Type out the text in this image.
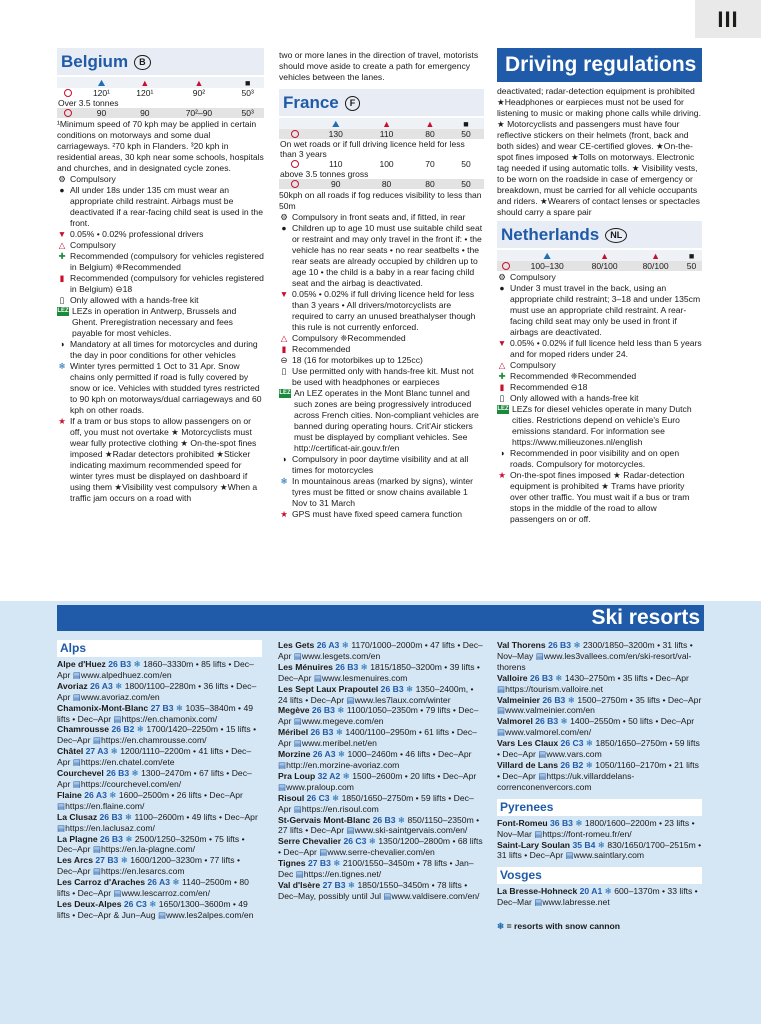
III
Belgium	B
	⛰	▲	▲	■
	120¹	120¹	90²	50³
Over 3.5 tonnes				
	90	90	70²–90	50³

¹Minimum speed of 70 kph may be applied in certain conditions on motorways and some dual carriageways. ²70 kph in Flanders. ³20 kph in residential areas, 30 kph near some schools, hospitals and churches, and in designated cycle zones.

⚙ Compulsory
● All under 18s under 135 cm must wear an appropriate child restraint. Airbags must be deactivated if a rear-facing child seat is used in the front.
▼ 0.05% • 0.02% professional drivers
△ Compulsory
✚ Recommended (compulsory for vehicles registered in Belgium) ❈Recommended
▮ Recommended (compulsory for vehicles registered in Belgium) ⊖18
▯ Only allowed with a hands-free kit
LEZ LEZs in operation in Antwerp, Brussels and Ghent. Preregistration necessary and fees payable for most vehicles.
◑ Mandatory at all times for motorcycles and during the day in poor conditions for other vehicles
❄ Winter tyres permitted 1 Oct to 31 Apr. Snow chains only permitted if road is fully covered by snow or ice. Vehicles with studded tyres restricted to 90 kph on motorways/dual carriageways and 60 kph on other roads.
★ If a tram or bus stops to allow passengers on or off, you must not overtake ★ Motorcyclists must wear fully protective clothing ★ On-the-spot fines imposed ★Radar detectors prohibited ★Sticker indicating maximum recommended speed for winter tyres must be displayed on dashboard if using them ★Visibility vest compulsory ★When a traffic jam occurs on a road with

two or more lanes in the direction of travel, motorists should move aside to create a path for emergency vehicles between the lanes.

France	F
	⛰	▲	▲	■
	130	110	80	50
On wet roads or if full driving licence held for less than 3 years				
	110	100	70	50
above 3.5 tonnes gross				
	90	80	80	50

50kph on all roads if fog reduces visibility to less than 50m

⚙ Compulsory in front seats and, if fitted, in rear
● Children up to age 10 must use suitable child seat or restraint and may only travel in the front if: • the vehicle has no rear seats • no rear seatbelts • the rear seats are already occupied by children up to age 10 • the child is a baby in a rear facing child seat and the airbag is deactivated.
▼ 0.05% • 0.02% if full driving licence held for less than 3 years • All drivers/motorcyclists are required to carry an unused breathalyser though this rule is not currently enforced.
△ Compulsory ❈Recommended
▮ Recommended
⊖ 18 (16 for motorbikes up to 125cc)
▯ Use permitted only with hands-free kit. Must not be used with headphones or earpieces
LEZ An LEZ operates in the Mont Blanc tunnel and such zones are being progressively introduced across French cities. Non-compliant vehicles are banned during operating hours. Crit'Air stickers must be displayed by compliant vehicles. See http://certificat-air.gouv.fr/en
◑ Compulsory in poor daytime visibility and at all times for motorcycles
❄ In mountainous areas (marked by signs), winter tyres must be fitted or snow chains available 1 Nov to 31 March
★ GPS must have fixed speed camera function
Driving regulations

deactivated; radar-detection equipment is prohibited ★Headphones or earpieces must not be used for listening to music or making phone calls while driving. ★ Motorcyclists and passengers must have four reflective stickers on their helmets (front, back and both sides) and wear CE-certified gloves. ★On-the-spot fines imposed ★Tolls on motorways. Electronic tag needed if using automatic tolls. ★ Visibility vests, to be worn on the roadside in case of emergency or breakdown, must be carried for all vehicle occupants and riders. ★Wearers of contact lenses or spectacles should carry a spare pair

Netherlands	NL
	⛰	▲	▲	■
	100–130	80/100	80/100	50
⚙ Compulsory
● Under 3 must travel in the back, using an appropriate child restraint; 3–18 and under 135cm must use an appropriate child restraint. A rear-facing child seat may only be used in front if airbags are deactivated.
▼ 0.05% • 0.02% if full licence held less than 5 years and for moped riders under 24.
△ Compulsory
✚ Recommended ❈Recommended
▮ Recommended ⊖18
▯ Only allowed with a hands-free kit
LEZ LEZs for diesel vehicles operate in many Dutch cities. Restrictions depend on vehicle's Euro emissions standard. For information see https://www.milieuzones.nl/english
◑ Recommended in poor visibility and on open roads. Compulsory for motorcycles.
★ On-the-spot fines imposed ★ Radar-detection equipment is prohibited ★ Trams have priority over other traffic. You must wait if a bus or tram stops in the middle of the road to allow passengers on or off.
Ski resorts
Alps

Alpe d'Huez 26 B3 ❄ 1860–3330m • 85 lifts • Dec–Apr ▤www.alpedhuez.com/en

Avoriaz 26 A3 ❄ 1800/1100–2280m • 36 lifts • Dec–Apr ▤www.avoriaz.com/en

Chamonix-Mont-Blanc 27 B3 ❄ 1035–3840m • 49 lifts • Dec–Apr ▤https://en.chamonix.com/

Chamrousse 26 B2 ❄ 1700/1420–2250m • 15 lifts • Dec–Apr ▤https://en.chamrousse.com/

Châtel 27 A3 ❄ 1200/1110–2200m • 41 lifts • Dec–Apr ▤https://en.chatel.com/ete

Courchevel 26 B3 ❄ 1300–2470m • 67 lifts • Dec–Apr ▤https://courchevel.com/en/

Flaine 26 A3 ❄ 1600–2500m • 26 lifts • Dec–Apr ▤https://en.flaine.com/

La Clusaz 26 B3 ❄ 1100–2600m • 49 lifts • Dec–Apr ▤https://en.laclusaz.com/

La Plagne 26 B3 ❄ 2500/1250–3250m • 75 lifts • Dec–Apr ▤https://en.la-plagne.com/

Les Arcs 27 B3 ❄ 1600/1200–3230m • 77 lifts • Dec–Apr ▤https://en.lesarcs.com

Les Carroz d'Araches 26 A3 ❄ 1140–2500m • 80 lifts • Dec–Apr ▤www.lescarroz.com/en/

Les Deux-Alpes 26 C3 ❄ 1650/1300–3600m • 49 lifts • Dec–Apr & Jun–Aug ▤www.les2alpes.com/en

Les Gets 26 A3 ❄ 1170/1000–2000m • 47 lifts • Dec–Apr ▤www.lesgets.com/en

Les Ménuires 26 B3 ❄ 1815/1850–3200m • 39 lifts • Dec–Apr ▤www.lesmenuires.com

Les Sept Laux Prapoutel 26 B3 ❄ 1350–2400m, • 24 lifts • Dec–Apr ▤www.les7laux.com/winter

Megève 26 B3 ❄ 1100/1050–2350m • 79 lifts • Dec–Apr ▤www.megeve.com/en

Méribel 26 B3 ❄ 1400/1100–2950m • 61 lifts • Dec–Apr ▤www.meribel.net/en

Morzine 26 A3 ❄ 1000–2460m • 46 lifts • Dec–Apr ▤http://en.morzine-avoriaz.com

Pra Loup 32 A2 ❄ 1500–2600m • 20 lifts • Dec–Apr ▤www.praloup.com

Risoul 26 C3 ❄ 1850/1650–2750m • 59 lifts • Dec–Apr ▤https://en.risoul.com

St-Gervais Mont-Blanc 26 B3 ❄ 850/1150–2350m • 27 lifts • Dec–Apr ▤www.ski-saintgervais.com/en/

Serre Chevalier 26 C3 ❄ 1350/1200–2800m • 68 lifts • Dec–Apr ▤www.serre-chevalier.com/en

Tignes 27 B3 ❄ 2100/1550–3450m • 78 lifts • Jan–Dec ▤https://en.tignes.net/

Val d'Isère 27 B3 ❄ 1850/1550–3450m • 78 lifts • Dec–May, possibly until Jul ▤www.valdisere.com/en/

Val Thorens 26 B3 ❄ 2300/1850–3200m • 31 lifts • Nov–May ▤www.les3vallees.com/en/ski-resort/val-thorens

Valloire 26 B3 ❄ 1430–2750m • 35 lifts • Dec–Apr ▤https://tourism.valloire.net

Valmeinier 26 B3 ❄ 1500–2750m • 35 lifts • Dec–Apr ▤www.valmeinier.com/en

Valmorel 26 B3 ❄ 1400–2550m • 50 lifts • Dec–Apr ▤www.valmorel.com/en/

Vars Les Claux 26 C3 ❄ 1850/1650–2750m • 59 lifts • Dec–Apr ▤www.vars.com

Villard de Lans 26 B2 ❄ 1050/1160–2170m • 21 lifts • Dec–Apr ▤https://uk.villarddelans-correnconenvercors.com

Pyrenees

Font-Romeu 36 B3 ❄ 1800/1600–2200m • 23 lifts • Nov–Mar ▤https://font-romeu.fr/en/

Saint-Lary Soulan 35 B4 ❄ 830/1650/1700–2515m • 31 lifts • Dec–Apr ▤www.saintlary.com

Vosges

La Bresse-Hohneck 20 A1 ❄ 600–1370m • 33 lifts • Dec–Mar ▤www.labresse.net

❄ = resorts with snow cannon
